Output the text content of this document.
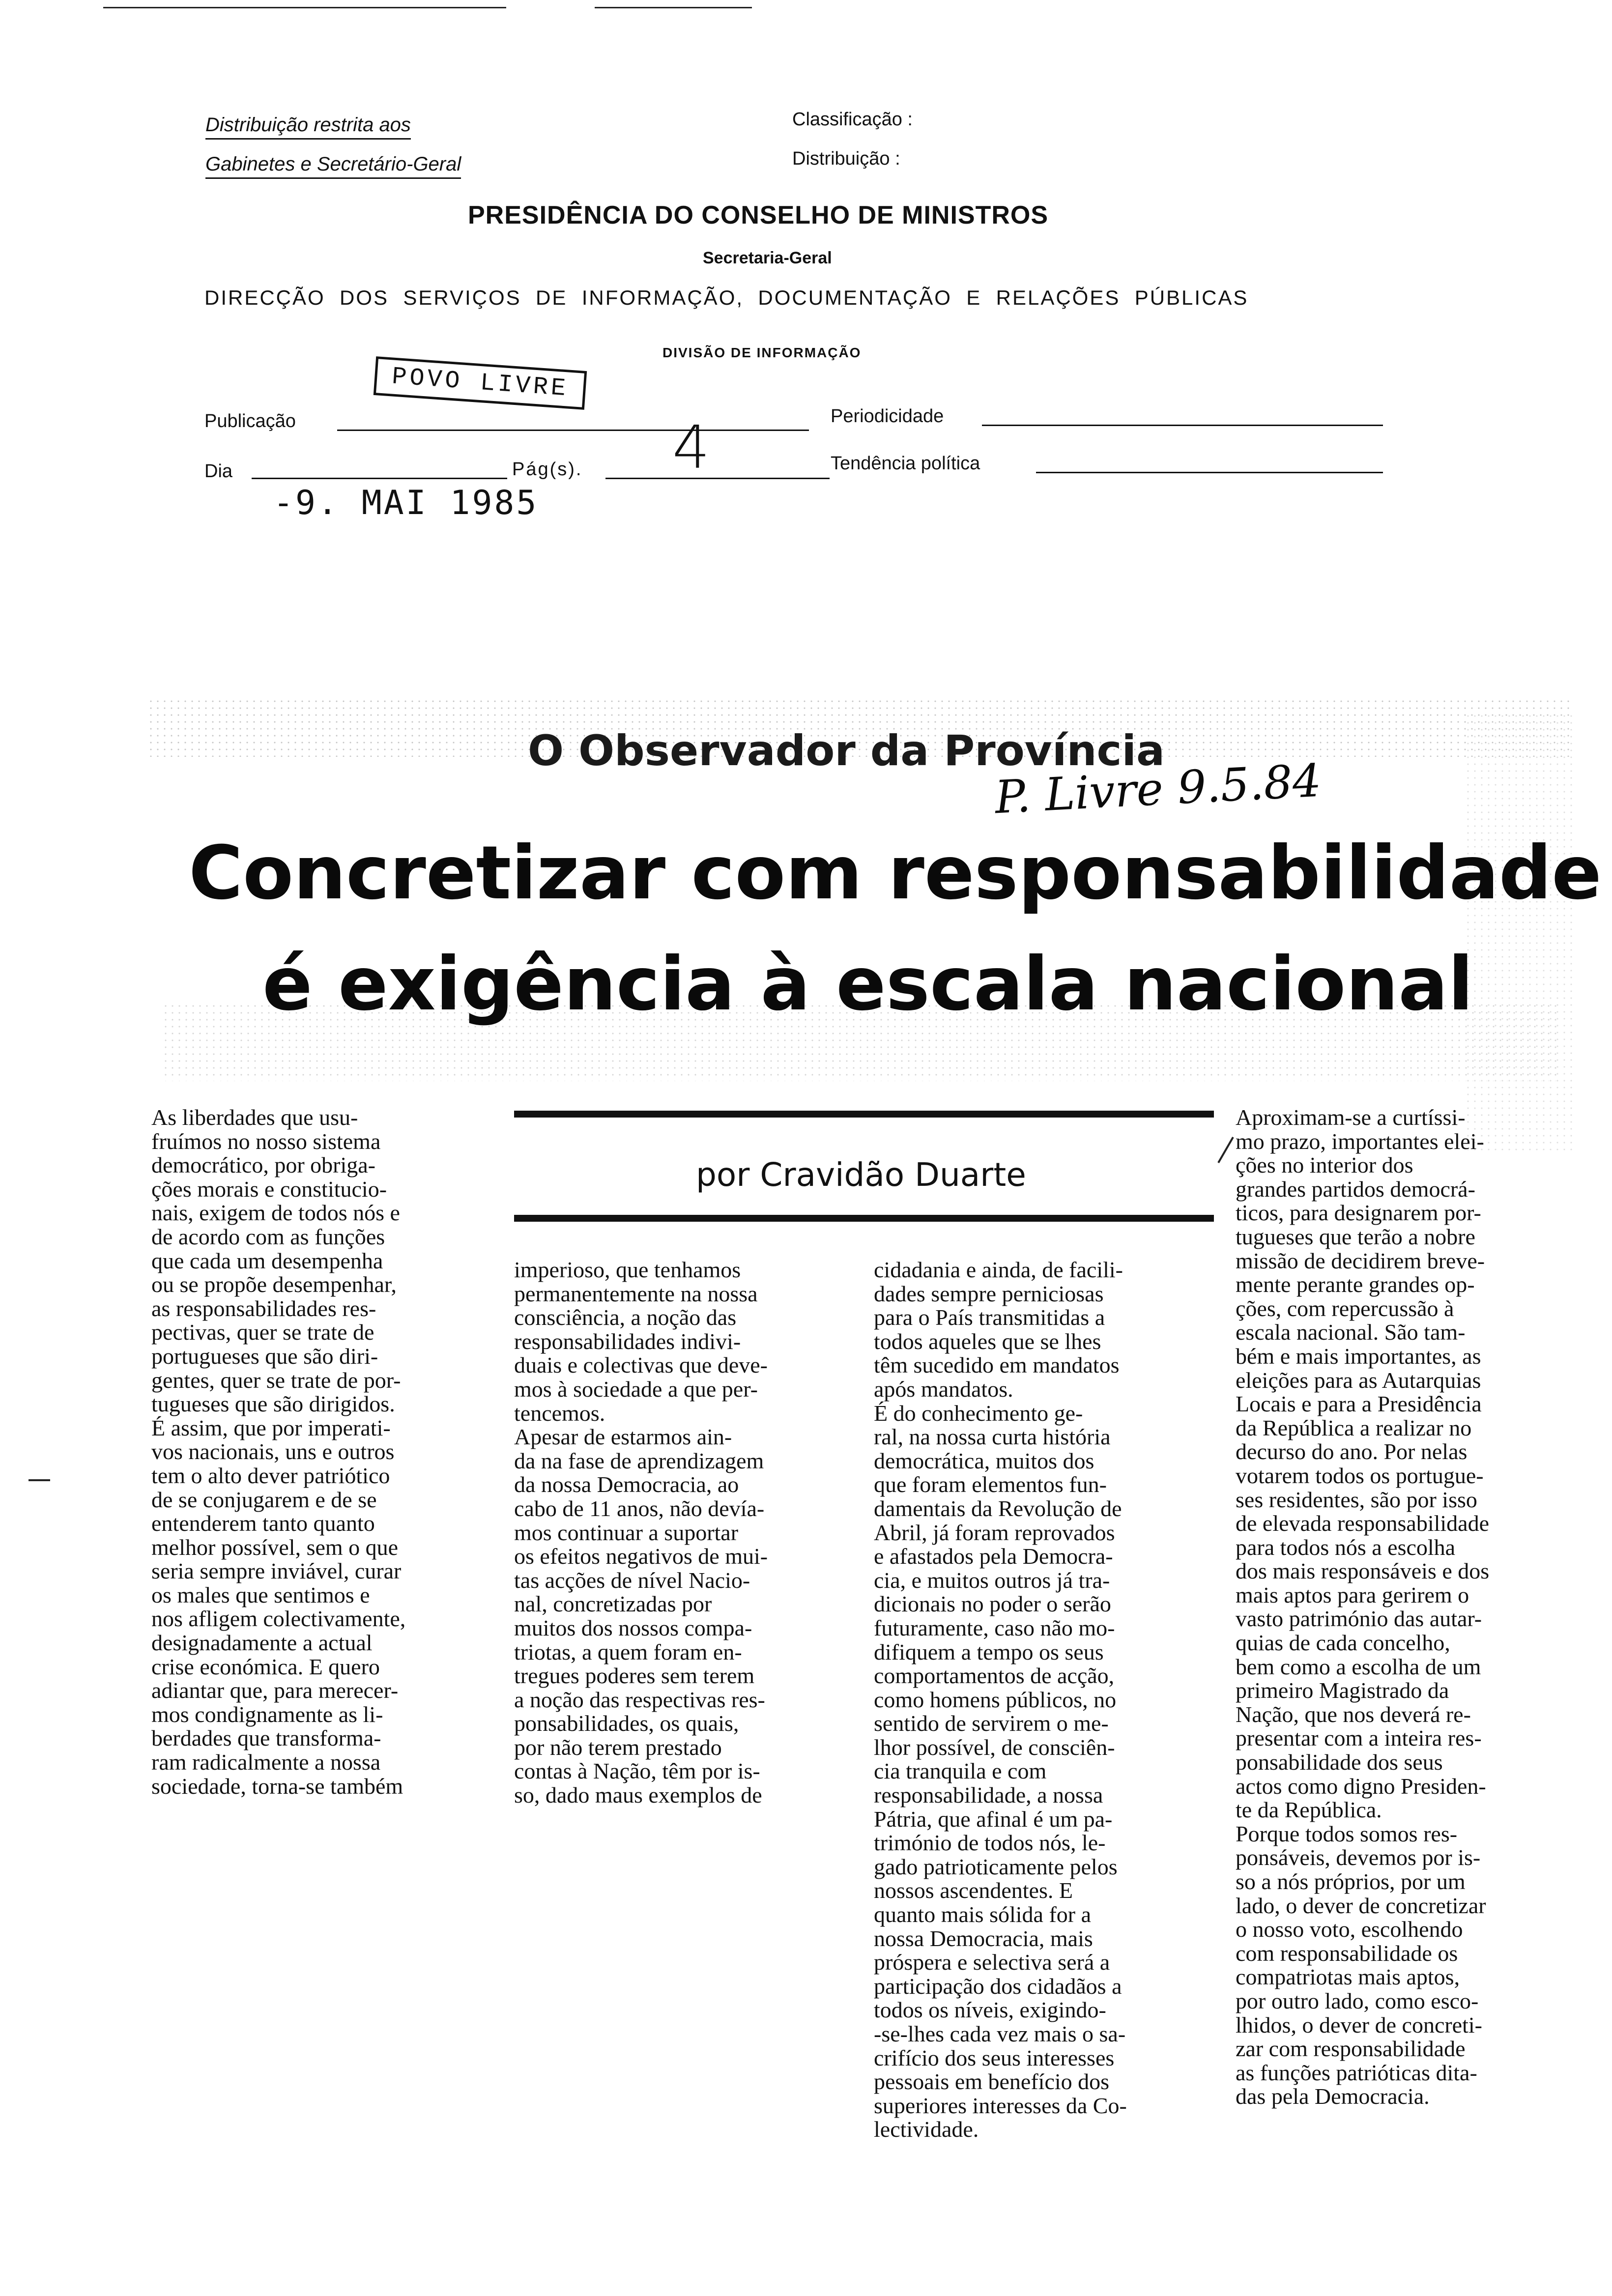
Distribuição restrita aos
Gabinetes e Secretário-Geral
Classificação :
Distribuição :
PRESIDÊNCIA DO CONSELHO DE MINISTROS
Secretaria-Geral
DIRECÇÃO  DOS  SERVIÇOS  DE  INFORMAÇÃO,  DOCUMENTAÇÃO  E  RELAÇÕES  PÚBLICAS
DIVISÃO DE INFORMAÇÃO
POVO LIVRE
Publicação	Periodicidade
Dia	Pág(s). 4	Tendência política
-9. MAI 1985
O Observador da Província
P. Livre 9.5.84
Concretizar com responsabilidade
é exigência à escala nacional
por Cravidão Duarte
As liberdades que usu-
fruímos no nosso sistema
democrático, por obriga-
ções morais e constitucio-
nais, exigem de todos nós e
de acordo com as funções
que cada um desempenha
ou se propõe desempenhar,
as responsabilidades res-
pectivas, quer se trate de
portugueses que são diri-
gentes, quer se trate de por-
tugueses que são dirigidos.
É assim, que por imperati-
vos nacionais, uns e outros
tem o alto dever patriótico
de se conjugarem e de se
entenderem tanto quanto
melhor possível, sem o que
seria sempre inviável, curar
os males que sentimos e
nos afligem colectivamente,
designadamente a actual
crise económica. E quero
adiantar que, para merecer-
mos condignamente as li-
berdades que transforma-
ram radicalmente a nossa
sociedade, torna-se também
imperioso, que tenhamos
permanentemente na nossa
consciência, a noção das
responsabilidades indivi-
duais e colectivas que deve-
mos à sociedade a que per-
tencemos.
Apesar de estarmos ain-
da na fase de aprendizagem
da nossa Democracia, ao
cabo de 11 anos, não devía-
mos continuar a suportar
os efeitos negativos de mui-
tas acções de nível Nacio-
nal, concretizadas por
muitos dos nossos compa-
triotas, a quem foram en-
tregues poderes sem terem
a noção das respectivas res-
ponsabilidades, os quais,
por não terem prestado
contas à Nação, têm por is-
so, dado maus exemplos de
cidadania e ainda, de facili-
dades sempre perniciosas
para o País transmitidas a
todos aqueles que se lhes
têm sucedido em mandatos
após mandatos.
É do conhecimento ge-
ral, na nossa curta história
democrática, muitos dos
que foram elementos fun-
damentais da Revolução de
Abril, já foram reprovados
e afastados pela Democra-
cia, e muitos outros já tra-
dicionais no poder o serão
futuramente, caso não mo-
difiquem a tempo os seus
comportamentos de acção,
como homens públicos, no
sentido de servirem o me-
lhor possível, de consciên-
cia tranquila e com
responsabilidade, a nossa
Pátria, que afinal é um pa-
trimónio de todos nós, le-
gado patrioticamente pelos
nossos ascendentes. E
quanto mais sólida for a
nossa Democracia, mais
próspera e selectiva será a
participação dos cidadãos a
todos os níveis, exigindo-
-se-lhes cada vez mais o sa-
crifício dos seus interesses
pessoais em benefício dos
superiores interesses da Co-
lectividade.
Aproximam-se a curtíssi-
mo prazo, importantes elei-
ções no interior dos
grandes partidos democrá-
ticos, para designarem por-
tugueses que terão a nobre
missão de decidirem breve-
mente perante grandes op-
ções, com repercussão à
escala nacional. São tam-
bém e mais importantes, as
eleições para as Autarquias
Locais e para a Presidência
da República a realizar no
decurso do ano. Por nelas
votarem todos os portugue-
ses residentes, são por isso
de elevada responsabilidade
para todos nós a escolha
dos mais responsáveis e dos
mais aptos para gerirem o
vasto património das autar-
quias de cada concelho,
bem como a escolha de um
primeiro Magistrado da
Nação, que nos deverá re-
presentar com a inteira res-
ponsabilidade dos seus
actos como digno Presiden-
te da República.
Porque todos somos res-
ponsáveis, devemos por is-
so a nós próprios, por um
lado, o dever de concretizar
o nosso voto, escolhendo
com responsabilidade os
compatriotas mais aptos,
por outro lado, como esco-
lhidos, o dever de concreti-
zar com responsabilidade
as funções patrióticas dita-
das pela Democracia.
